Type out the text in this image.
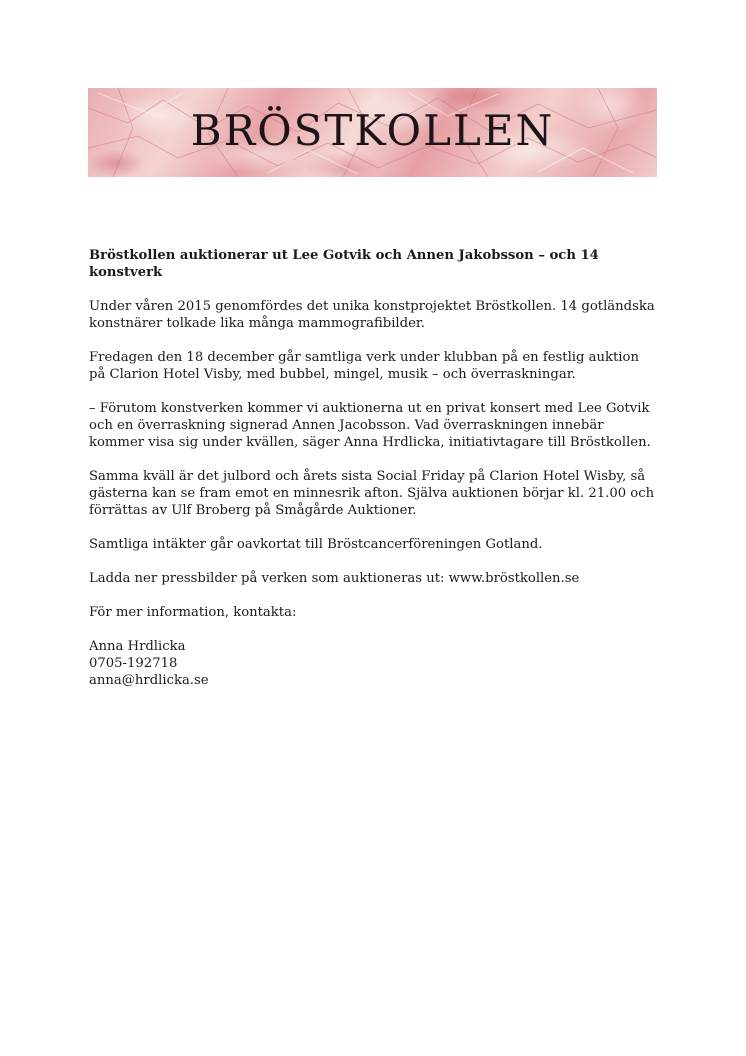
BRÖSTKOLLEN

Bröstkollen auktionerar ut Lee Gotvik och Annen Jakobsson – och 14 konstverk

Under våren 2015 genomfördes det unika konstprojektet Bröstkollen. 14 gotländska konstnärer tolkade lika många mammografibilder.

Fredagen den 18 december går samtliga verk under klubban på en festlig auktion på Clarion Hotel Visby, med bubbel, mingel, musik – och överraskningar.

– Förutom konstverken kommer vi auktionerna ut en privat konsert med Lee Gotvik och en överraskning signerad Annen Jacobsson. Vad överraskningen innebär kommer visa sig under kvällen, säger Anna Hrdlicka, initiativtagare till Bröstkollen.

Samma kväll är det julbord och årets sista Social Friday på Clarion Hotel Wisby, så gästerna kan se fram emot en minnesrik afton. Själva auktionen börjar kl. 21.00 och förrättas av Ulf Broberg på Smågårde Auktioner.

Samtliga intäkter går oavkortat till Bröstcancerföreningen Gotland.

Ladda ner pressbilder på verken som auktioneras ut: www.bröstkollen.se

För mer information, kontakta:

Anna Hrdlicka
0705-192718
anna@hrdlicka.se
